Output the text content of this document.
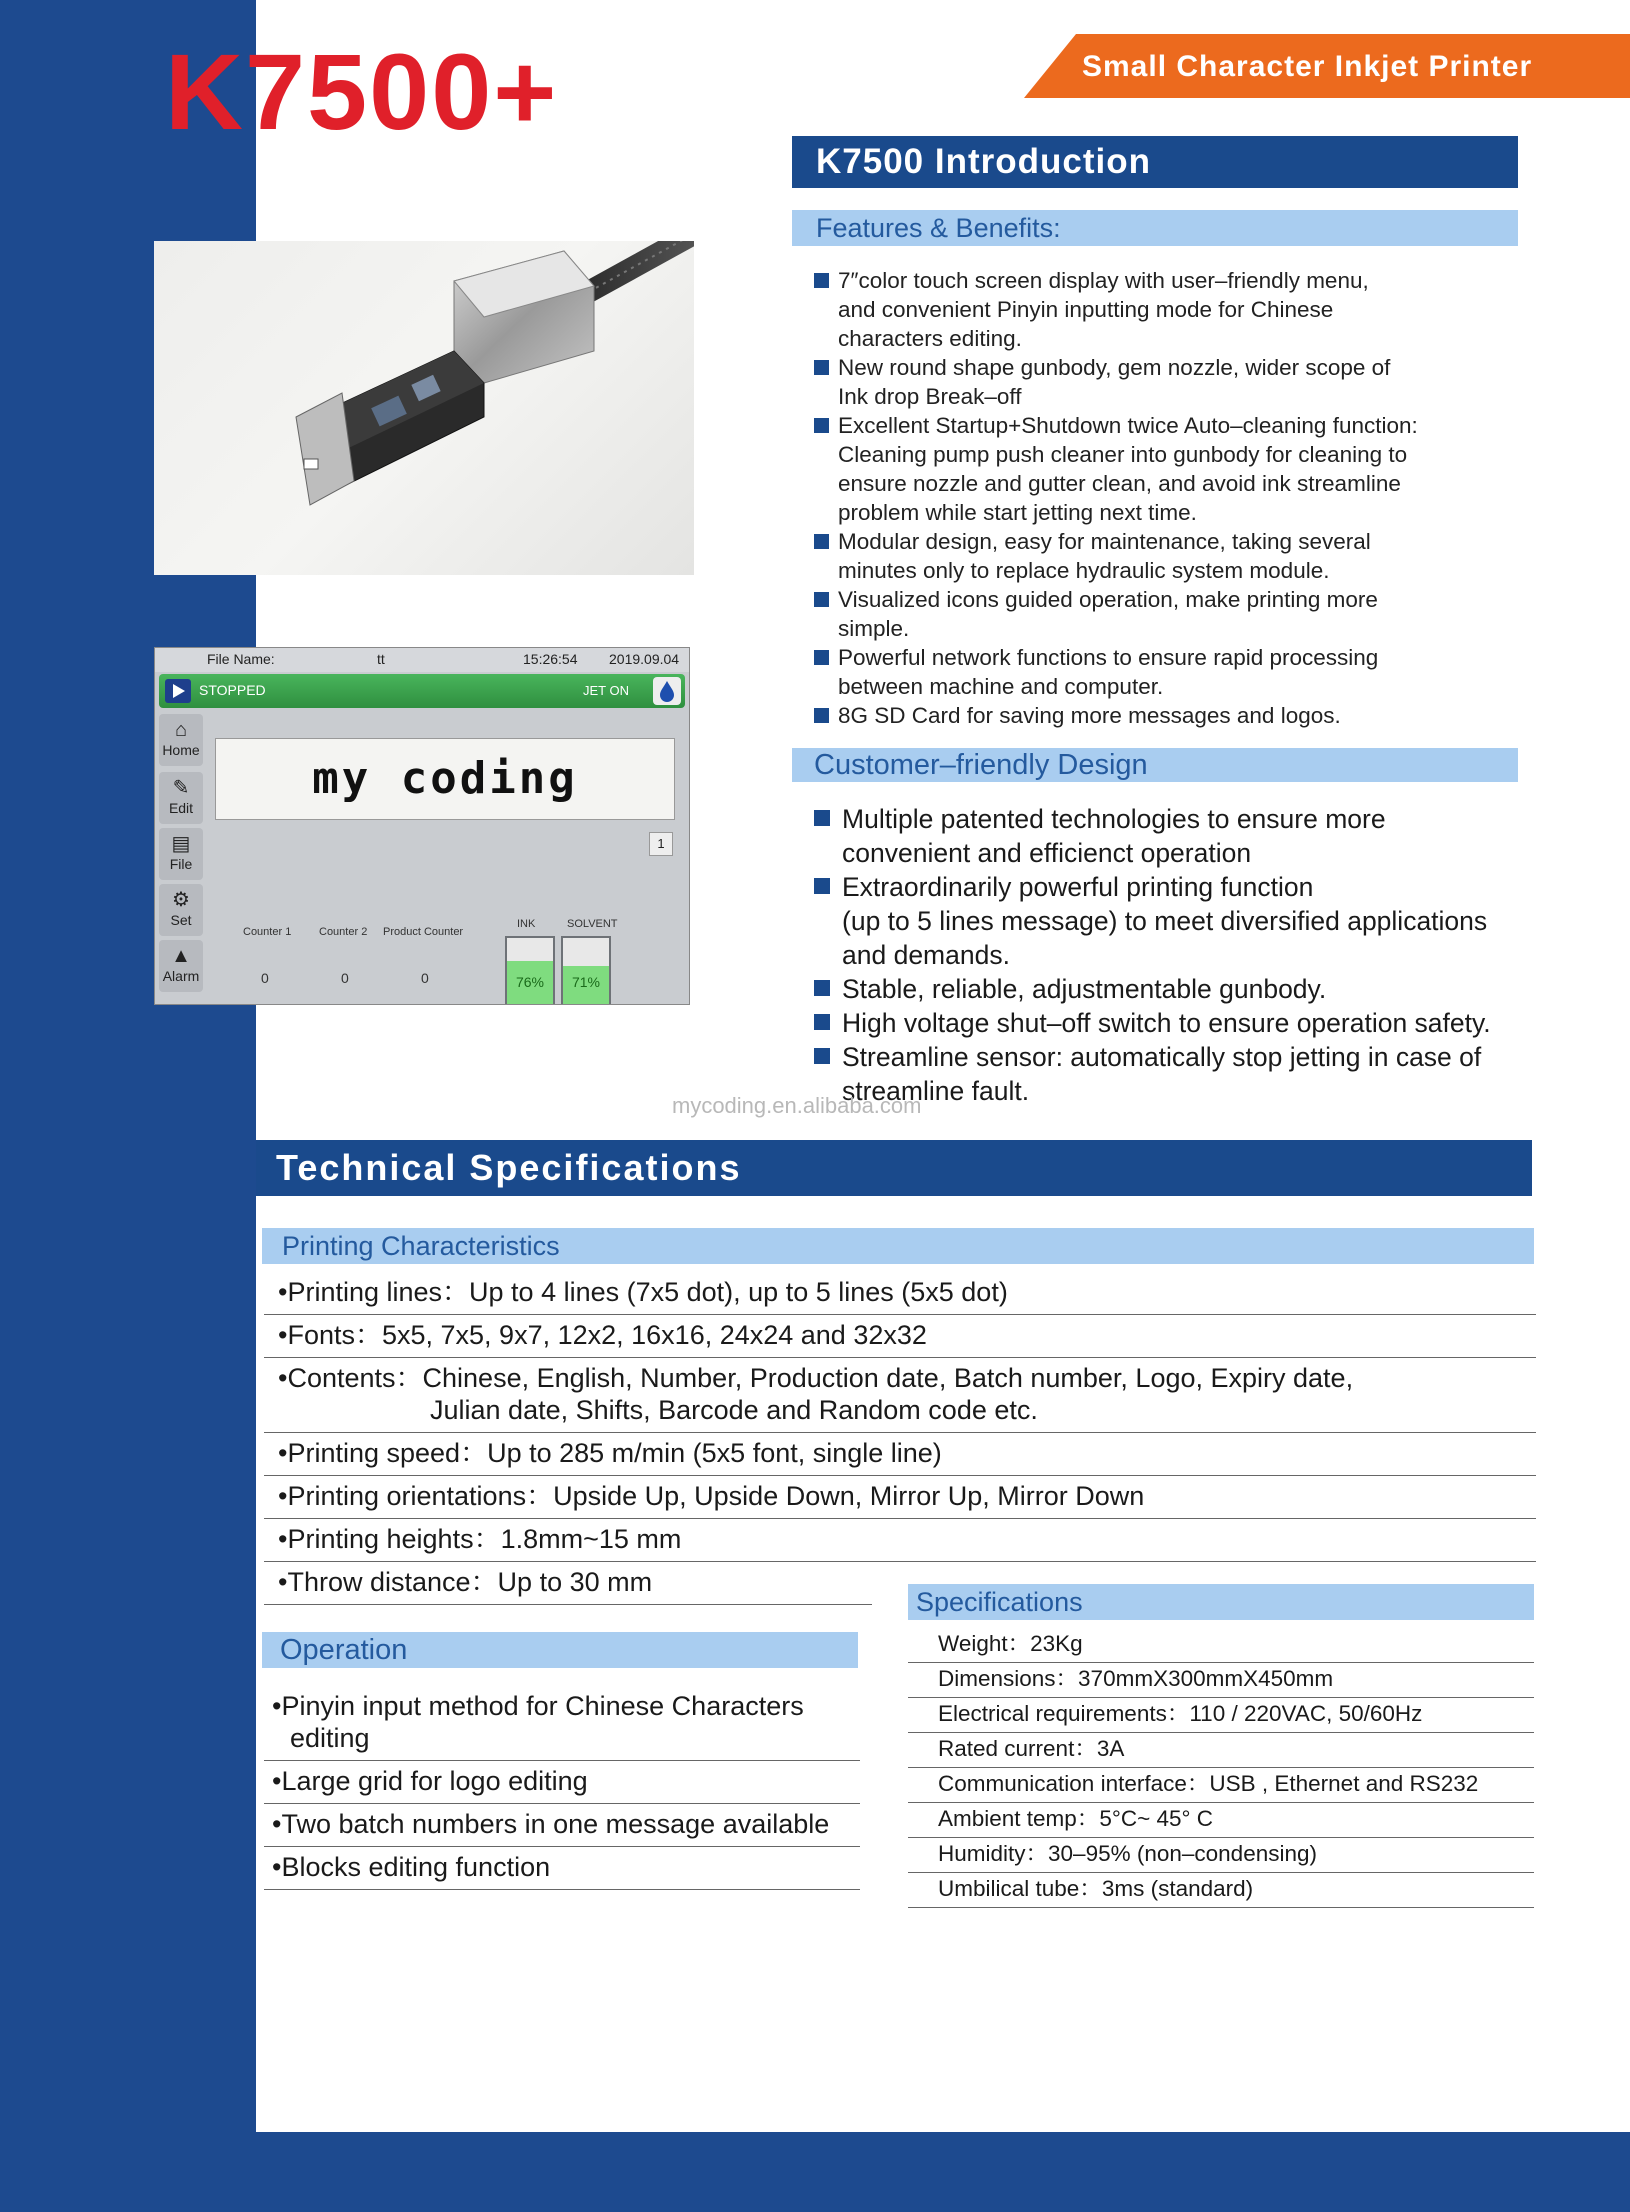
K7500+	Small Character Inkjet Printer
File Name:	tt	15:26:54 2019.09.04
STOPPED	JET ON
⌂
Home
✎
Edit
▤
File
⚙
Set
▲
Alarm
my coding
1
Counter 1	Counter 2 Product Counter
0	0	0
INK	SOLVENT
76%	71%
K7500 Introduction
Features & Benefits:
7″color touch screen display with user–friendly menu,
and convenient Pinyin inputting mode for Chinese
characters editing.
New round shape gunbody, gem nozzle, wider scope of
Ink drop Break–off
Excellent Startup+Shutdown twice Auto–cleaning function:
Cleaning pump push cleaner into gunbody for cleaning to
ensure nozzle and gutter clean, and avoid ink streamline
problem while start jetting next time.
Modular design, easy for maintenance, taking several
minutes only to replace hydraulic system module.
Visualized icons guided operation, make printing more
simple.
Powerful network functions to ensure rapid processing
between machine and computer.
8G SD Card for saving more messages and logos.
Customer–friendly Design
Multiple patented technologies to ensure more
convenient and efficienct operation
Extraordinarily powerful printing function
(up to 5 lines message) to meet diversified applications
and demands.
Stable, reliable, adjustmentable gunbody.
High voltage shut–off switch to ensure operation safety.
Streamline sensor: automatically stop jetting in case of
streamline fault.
mycoding.en.alibaba.com
Technical Specifications
Printing Characteristics
•Printing lines：Up to 4 lines (7x5 dot), up to 5 lines (5x5 dot)
•Fonts：5x5, 7x5, 9x7, 12x2, 16x16, 24x24 and 32x32
•Contents：Chinese, English, Number, Production date, Batch number, Logo, Expiry date,
Julian date, Shifts, Barcode and Random code etc.
•Printing speed：Up to 285 m/min (5x5 font, single line)
•Printing orientations：Upside Up, Upside Down, Mirror Up, Mirror Down
•Printing heights：1.8mm~15 mm
•Throw distance：Up to 30 mm
Operation
•Pinyin input method for Chinese Characters
editing
•Large grid for logo editing
•Two batch numbers in one message available
•Blocks editing function
Specifications
Weight：23Kg
Dimensions：370mmX300mmX450mm
Electrical requirements：110 / 220VAC, 50/60Hz
Rated current：3A
Communication interface：USB , Ethernet and RS232
Ambient temp：5°C~ 45° C
Humidity：30–95% (non–condensing)
Umbilical tube：3ms (standard)
